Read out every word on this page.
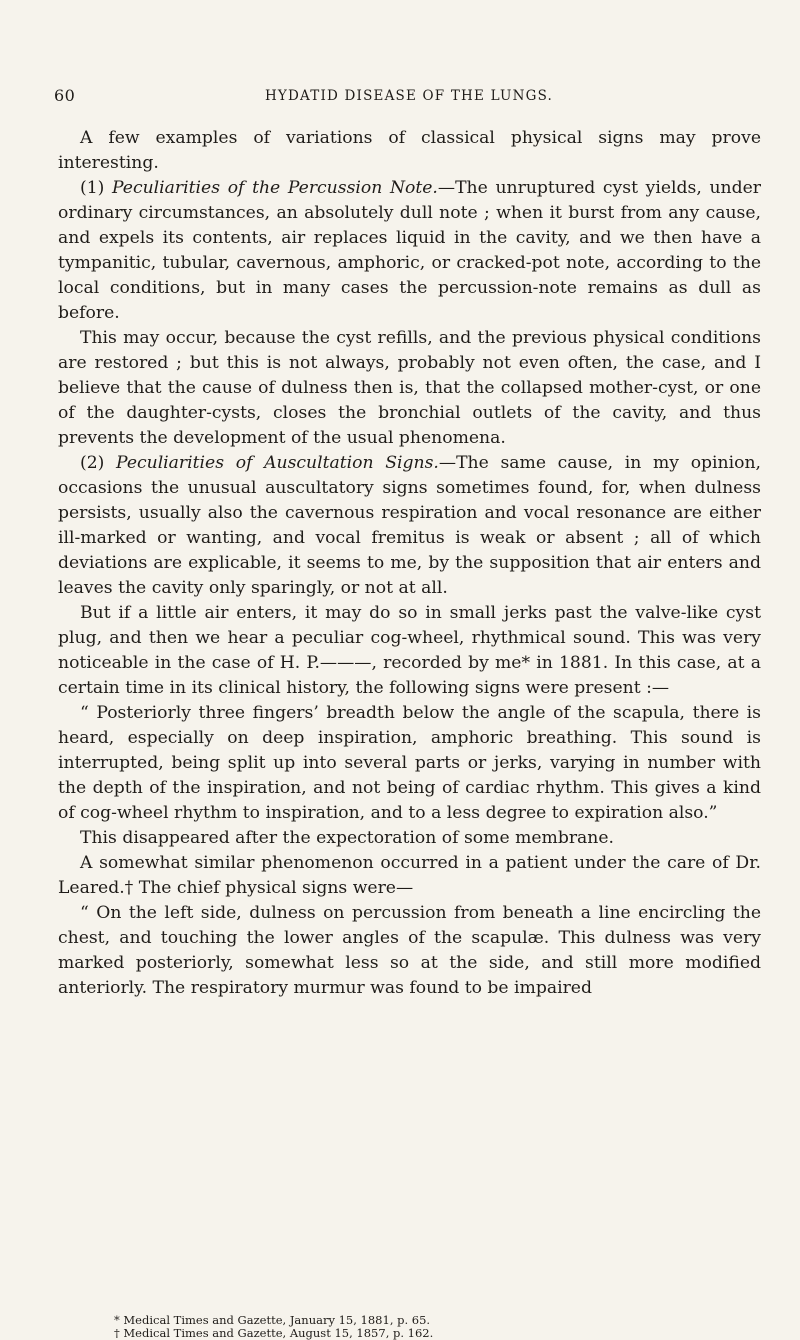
60	HYDATID DISEASE OF THE LUNGS.

A few examples of variations of classical physical signs may prove interesting.

(1) Peculiarities of the Percussion Note.—The unruptured cyst yields, under ordinary circumstances, an absolutely dull note ; when it burst from any cause, and expels its contents, air replaces liquid in the cavity, and we then have a tympanitic, tubular, cavernous, amphoric, or cracked-pot note, according to the local conditions, but in many cases the percussion-note remains as dull as before.

This may occur, because the cyst refills, and the previous physical conditions are restored ; but this is not always, probably not even often, the case, and I believe that the cause of dulness then is, that the collapsed mother-cyst, or one of the daughter-cysts, closes the bronchial outlets of the cavity, and thus prevents the development of the usual phenomena.

(2) Peculiarities of Auscultation Signs.—The same cause, in my opinion, occasions the unusual auscultatory signs sometimes found, for, when dulness persists, usually also the cavernous respiration and vocal resonance are either ill-marked or wanting, and vocal fremitus is weak or absent ; all of which deviations are explicable, it seems to me, by the supposition that air enters and leaves the cavity only sparingly, or not at all.

But if a little air enters, it may do so in small jerks past the valve-like cyst plug, and then we hear a peculiar cog-wheel, rhythmical sound. This was very noticeable in the case of H. P.———, recorded by me* in 1881. In this case, at a certain time in its clinical history, the following signs were present :—

“ Posteriorly three fingers’ breadth below the angle of the scapula, there is heard, especially on deep inspiration, amphoric breathing. This sound is interrupted, being split up into several parts or jerks, varying in number with the depth of the inspiration, and not being of cardiac rhythm. This gives a kind of cog-wheel rhythm to inspiration, and to a less degree to expiration also.”

This disappeared after the expectoration of some membrane.

A somewhat similar phenomenon occurred in a patient under the care of Dr. Leared.† The chief physical signs were—

“ On the left side, dulness on percussion from beneath a line encircling the chest, and touching the lower angles of the scapulæ. This dulness was very marked posteriorly, somewhat less so at the side, and still more modified anteriorly. The respiratory murmur was found to be impaired

* Medical Times and Gazette, January 15, 1881, p. 65.
† Medical Times and Gazette, August 15, 1857, p. 162.
